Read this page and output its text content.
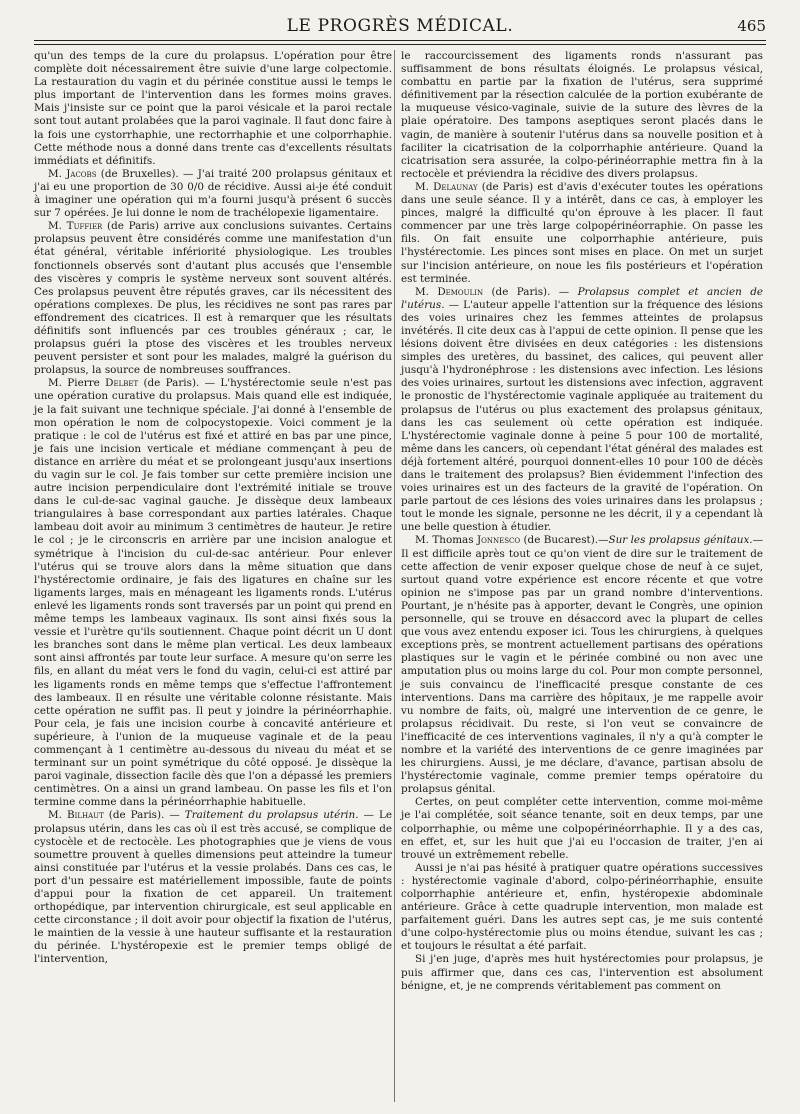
LE PROGRÈS MÉDICAL.	465

qu'un des temps de la cure du prolapsus. L'opération pour être complète doit nécessairement être suivie d'une large colpectomie. La restauration du vagin et du périnée constitue aussi le temps le plus important de l'intervention dans les formes moins graves. Mais j'insiste sur ce point que la paroi vésicale et la paroi rectale sont tout autant prolabées que la paroi vaginale. Il faut donc faire à la fois une cystorrhaphie, une rectorrhaphie et une colporrhaphie. Cette méthode nous a donné dans trente cas d'excellents résultats immédiats et définitifs.

M. Jacobs (de Bruxelles). — J'ai traité 200 prolapsus génitaux et j'ai eu une proportion de 30 0/0 de récidive. Aussi ai-je été conduit à imaginer une opération qui m'a fourni jusqu'à présent 6 succès sur 7 opérées. Je lui donne le nom de trachélopexie ligamentaire.

M. Tuffier (de Paris) arrive aux conclusions suivantes. Certains prolapsus peuvent être considérés comme une manifestation d'un état général, véritable infériorité physiologique. Les troubles fonctionnels observés sont d'autant plus accusés que l'ensemble des viscères y compris le système nerveux sont souvent altérés. Ces prolapsus peuvent être réputés graves, car ils nécessitent des opérations complexes. De plus, les récidives ne sont pas rares par effondrement des cicatrices. Il est à remarquer que les résultats définitifs sont influencés par ces troubles généraux ; car, le prolapsus guéri la ptose des viscères et les troubles nerveux peuvent persister et sont pour les malades, malgré la guérison du prolapsus, la source de nombreuses souffrances.

M. Pierre Delbet (de Paris). — L'hystérectomie seule n'est pas une opération curative du prolapsus. Mais quand elle est indiquée, je la fait suivant une technique spéciale. J'ai donné à l'ensemble de mon opération le nom de colpocystopexie. Voici comment je la pratique : le col de l'utérus est fixé et attiré en bas par une pince, je fais une incision verticale et médiane commençant à peu de distance en arrière du méat et se prolongeant jusqu'aux insertions du vagin sur le col. Je fais tomber sur cette première incision une autre incision perpendiculaire dont l'extrémité initiale se trouve dans le cul-de-sac vaginal gauche. Je dissèque deux lambeaux triangulaires à base correspondant aux parties latérales. Chaque lambeau doit avoir au minimum 3 centimètres de hauteur. Je retire le col ; je le circonscris en arrière par une incision analogue et symétrique à l'incision du cul-de-sac antérieur. Pour enlever l'utérus qui se trouve alors dans la même situation que dans l'hystérectomie ordinaire, je fais des ligatures en chaîne sur les ligaments larges, mais en ménageant les ligaments ronds. L'utérus enlevé les ligaments ronds sont traversés par un point qui prend en même temps les lambeaux vaginaux. Ils sont ainsi fixés sous la vessie et l'urètre qu'ils soutiennent. Chaque point décrit un U dont les branches sont dans le même plan vertical. Les deux lambeaux sont ainsi affrontés par toute leur surface. A mesure qu'on serre les fils, en allant du méat vers le fond du vagin, celui-ci est attiré par les ligaments ronds en même temps que s'effectue l'affrontement des lambeaux. Il en résulte une véritable colonne résistante. Mais cette opération ne suffit pas. Il peut y joindre la périnéorrhaphie. Pour cela, je fais une incision courbe à concavité antérieure et supérieure, à l'union de la muqueuse vaginale et de la peau commençant à 1 centimètre au-dessous du niveau du méat et se terminant sur un point symétrique du côté opposé. Je dissèque la paroi vaginale, dissection facile dès que l'on a dépassé les premiers centimètres. On a ainsi un grand lambeau. On passe les fils et l'on termine comme dans la périnéorrhaphie habituelle.

M. Bilhaut (de Paris). — Traitement du prolapsus utérin. — Le prolapsus utérin, dans les cas où il est très accusé, se complique de cystocèle et de rectocèle. Les photographies que je viens de vous soumettre prouvent à quelles dimensions peut atteindre la tumeur ainsi constituée par l'utérus et la vessie prolabés. Dans ces cas, le port d'un pessaire est matériellement impossible, faute de points d'appui pour la fixation de cet appareil. Un traitement orthopédique, par intervention chirurgicale, est seul applicable en cette circonstance ; il doit avoir pour objectif la fixation de l'utérus, le maintien de la vessie à une hauteur suffisante et la restauration du périnée. L'hystéropexie est le premier temps obligé de l'intervention,

le raccourcissement des ligaments ronds n'assurant pas suffisamment de bons résultats éloignés. Le prolapsus vésical, combattu en partie par la fixation de l'utérus, sera supprimé définitivement par la résection calculée de la portion exubérante de la muqueuse vésico-vaginale, suivie de la suture des lèvres de la plaie opératoire. Des tampons aseptiques seront placés dans le vagin, de manière à soutenir l'utérus dans sa nouvelle position et à faciliter la cicatrisation de la colporrhaphie antérieure. Quand la cicatrisation sera assurée, la colpo-périnéorraphie mettra fin à la rectocèle et préviendra la récidive des divers prolapsus.

M. Delaunay (de Paris) est d'avis d'exécuter toutes les opérations dans une seule séance. Il y a intérêt, dans ce cas, à employer les pinces, malgré la difficulté qu'on éprouve à les placer. Il faut commencer par une très large colpopérinéorraphie. On passe les fils. On fait ensuite une colporrhaphie antérieure, puis l'hystérectomie. Les pinces sont mises en place. On met un surjet sur l'incision antérieure, on noue les fils postérieurs et l'opération est terminée.

M. Demoulin (de Paris). — Prolapsus complet et ancien de l'utérus. — L'auteur appelle l'attention sur la fréquence des lésions des voies urinaires chez les femmes atteintes de prolapsus invétérés. Il cite deux cas à l'appui de cette opinion. Il pense que les lésions doivent être divisées en deux catégories : les distensions simples des uretères, du bassinet, des calices, qui peuvent aller jusqu'à l'hydronéphrose : les distensions avec infection. Les lésions des voies urinaires, surtout les distensions avec infection, aggravent le pronostic de l'hystérectomie vaginale appliquée au traitement du prolapsus de l'utérus ou plus exactement des prolapsus génitaux, dans les cas seulement où cette opération est indiquée. L'hystérectomie vaginale donne à peine 5 pour 100 de mortalité, même dans les cancers, où cependant l'état général des malades est déjà fortement altéré, pourquoi donnent-elles 10 pour 100 de décès dans le traitement des prolapsus? Bien évidemment l'infection des voies urinaires est un des facteurs de la gravité de l'opération. On parle partout de ces lésions des voies urinaires dans les prolapsus ; tout le monde les signale, personne ne les décrit, il y a cependant là une belle question à étudier.

M. Thomas Jonnesco (de Bucarest).—Sur les prolapsus génitaux.—Il est difficile après tout ce qu'on vient de dire sur le traitement de cette affection de venir exposer quelque chose de neuf à ce sujet, surtout quand votre expérience est encore récente et que votre opinion ne s'impose pas par un grand nombre d'interventions. Pourtant, je n'hésite pas à apporter, devant le Congrès, une opinion personnelle, qui se trouve en désaccord avec la plupart de celles que vous avez entendu exposer ici. Tous les chirurgiens, à quelques exceptions près, se montrent actuellement partisans des opérations plastiques sur le vagin et le périnée combiné ou non avec une amputation plus ou moins large du col. Pour mon compte personnel, je suis convaincu de l'inefficacité presque constante de ces interventions. Dans ma carrière des hôpitaux, je me rappelle avoir vu nombre de faits, où, malgré une intervention de ce genre, le prolapsus récidivait. Du reste, si l'on veut se convaincre de l'inefficacité de ces interventions vaginales, il n'y a qu'à compter le nombre et la variété des interventions de ce genre imaginées par les chirurgiens. Aussi, je me déclare, d'avance, partisan absolu de l'hystérectomie vaginale, comme premier temps opératoire du prolapsus génital.

Certes, on peut compléter cette intervention, comme moi-même je l'ai complétée, soit séance tenante, soit en deux temps, par une colporrhaphie, ou même une colpopérinéorrhaphie. Il y a des cas, en effet, et, sur les huit que j'ai eu l'occasion de traiter, j'en ai trouvé un extrêmement rebelle.

Aussi je n'ai pas hésité à pratiquer quatre opérations successives : hystérectomie vaginale d'abord, colpo-périnéorrhaphie, ensuite colporrhaphie antérieure et, enfin, hystéropexie abdominale antérieure. Grâce à cette quadruple intervention, mon malade est parfaitement guéri. Dans les autres sept cas, je me suis contenté d'une colpo-hystérectomie plus ou moins étendue, suivant les cas ; et toujours le résultat a été parfait.

Si j'en juge, d'après mes huit hystérectomies pour prolapsus, je puis affirmer que, dans ces cas, l'intervention est absolument bénigne, et, je ne comprends véritablement pas comment on
